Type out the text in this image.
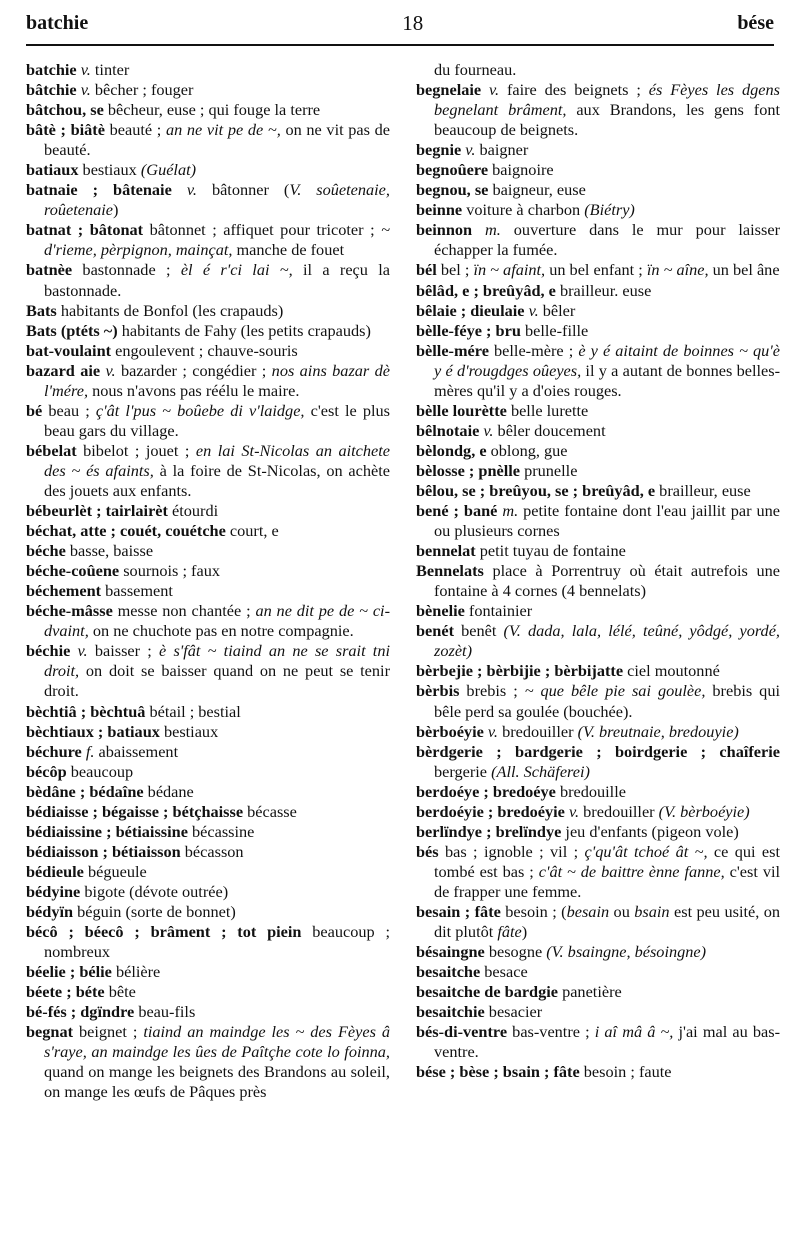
batchie	18	bése

batchie v. tinter

bâtchie v. bêcher ; fouger

bâtchou, se bêcheur, euse ; qui fouge la terre

bâtè ; biâtè beauté ; an ne vit pe de ~, on ne vit pas de beauté.

batiaux bestiaux (Guélat)

batnaie ; bâtenaie v. bâtonner (V. soûetenaie, roûetenaie)

batnat ; bâtonat bâtonnet ; affiquet pour tricoter ; ~ d'rieme, pèrpignon, mainçat, manche de fouet

batnèe bastonnade ; èl é r'ci lai ~, il a reçu la bastonnade.

Bats habitants de Bonfol (les crapauds)

Bats (ptéts ~) habitants de Fahy (les petits crapauds)

bat-voulaint engoulevent ; chauve-souris

bazard aie v. bazarder ; congédier ; nos ains bazar dè l'mére, nous n'avons pas réélu le maire.

bé beau ; ç'ât l'pus ~ boûebe di v'laidge, c'est le plus beau gars du village.

bébelat bibelot ; jouet ; en lai St-Nicolas an aitchete des ~ és afaints, à la foire de St-Nicolas, on achète des jouets aux enfants.

bébeurlèt ; tairlairèt étourdi

béchat, atte ; couét, couétche court, e

béche basse, baisse

béche-coûene sournois ; faux

béchement bassement

béche-mâsse messe non chantée ; an ne dit pe de ~ ci-dvaint, on ne chuchote pas en notre compagnie.

béchie v. baisser ; è s'fât ~ tiaind an ne se srait tni droit, on doit se baisser quand on ne peut se tenir droit.

bèchtiâ ; bèchtuâ bétail ; bestial

bèchtiaux ; batiaux bestiaux

béchure f. abaissement

bécôp beaucoup

bèdâne ; bédaîne bédane

bédiaisse ; bégaisse ; bétçhaisse bécasse

bédiaissine ; bétiaissine bécassine

bédiaisson ; bétiaisson bécasson

bédieule bégueule

bédyine bigote (dévote outrée)

bédyïn béguin (sorte de bonnet)

bécô ; béecô ; brâment ; tot piein beaucoup ; nombreux

béelie ; bélie bélière

béete ; béte bête

bé-fés ; dgïndre beau-fils

begnat beignet ; tiaind an maindge les ~ des Fèyes â s'raye, an maindge les ûes de Paîtçhe cote lo foinna, quand on mange les beignets des Brandons au soleil, on mange les œufs de Pâques près

du fourneau.

begnelaie v. faire des beignets ; és Fèyes les dgens begnelant brâment, aux Brandons, les gens font beaucoup de beignets.

begnie v. baigner

begnoûere baignoire

begnou, se baigneur, euse

beinne voiture à charbon (Biétry)

beinnon m. ouverture dans le mur pour laisser échapper la fumée.

bél bel ; ïn ~ afaint, un bel enfant ; ïn ~ aîne, un bel âne

bêlâd, e ; breûyâd, e brailleur. euse

bêlaie ; dieulaie v. bêler

bèlle-féye ; bru belle-fille

bèlle-mére belle-mère ; è y é aitaint de boinnes ~ qu'è y é d'rougdges oûeyes, il y a autant de bonnes belles-mères qu'il y a d'oies rouges.

bèlle lourètte belle lurette

bêlnotaie v. bêler doucement

bèlondg, e oblong, gue

bèlosse ; pnèlle prunelle

bêlou, se ; breûyou, se ; breûyâd, e brailleur, euse

bené ; bané m. petite fontaine dont l'eau jaillit par une ou plusieurs cornes

bennelat petit tuyau de fontaine

Bennelats place à Porrentruy où était autrefois une fontaine à 4 cornes (4 bennelats)

bènelie fontainier

benét benêt (V. dada, lala, lélé, teûné, yôdgé, yordé, zozèt)

bèrbejie ; bèrbijie ; bèrbijatte ciel moutonné

bèrbis brebis ; ~ que bêle pie sai goulèe, brebis qui bêle perd sa goulée (bouchée).

bèrboéyie v. bredouiller (V. breutnaie, bredouyie)

bèrdgerie ; bardgerie ; boirdgerie ; chaîferie bergerie (All. Schäferei)

berdoéye ; bredoéye bredouille

berdoéyie ; bredoéyie v. bredouiller (V. bèrboéyie)

berlïndye ; brelïndye jeu d'enfants (pigeon vole)

bés bas ; ignoble ; vil ; ç'qu'ât tchoé ât ~, ce qui est tombé est bas ; c'ât ~ de baittre ènne fanne, c'est vil de frapper une femme.

besain ; fâte besoin ; (besain ou bsain est peu usité, on dit plutôt fâte)

bésaingne besogne (V. bsaingne, bésoingne)

besaitche besace

besaitche de bardgie panetière

besaitchie besacier

bés-di-ventre bas-ventre ; i aî mâ â ~, j'ai mal au bas-ventre.

bése ; bèse ; bsain ; fâte besoin ; faute
